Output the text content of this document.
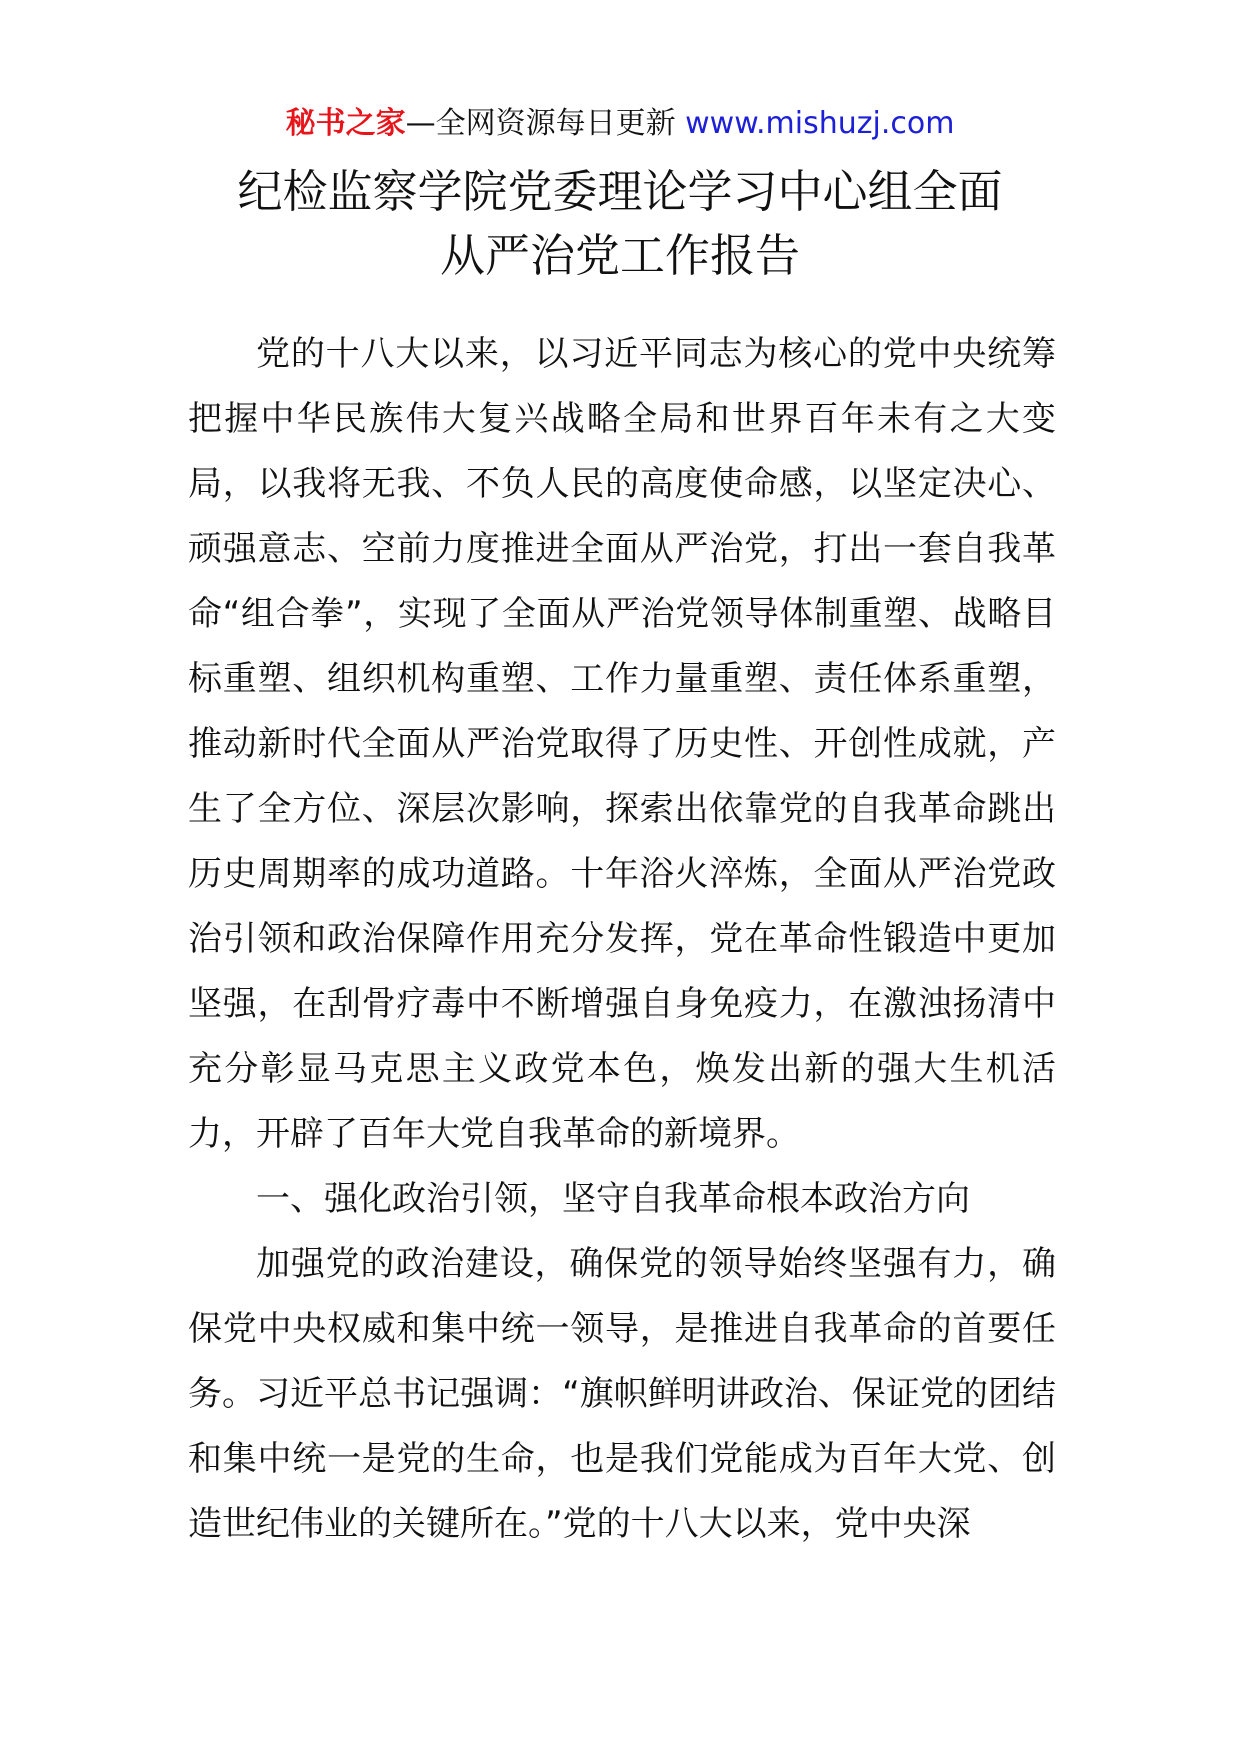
秘书之家—全网资源每日更新 www.mishuzj.com
纪检监察学院党委理论学习中心组全面
从严治党工作报告

党的十八大以来，以习近平同志为核心的党中央统筹把握中华民族伟大复兴战略全局和世界百年未有之大变局，以我将无我、不负人民的高度使命感，以坚定决心、顽强意志、空前力度推进全面从严治党，打出一套自我革命“组合拳”，实现了全面从严治党领导体制重塑、战略目标重塑、组织机构重塑、工作力量重塑、责任体系重塑，推动新时代全面从严治党取得了历史性、开创性成就，产生了全方位、深层次影响，探索出依靠党的自我革命跳出历史周期率的成功道路。十年浴火淬炼，全面从严治党政治引领和政治保障作用充分发挥，党在革命性锻造中更加坚强，在刮骨疗毒中不断增强自身免疫力，在激浊扬清中充分彰显马克思主义政党本色，焕发出新的强大生机活力，开辟了百年大党自我革命的新境界。

一、强化政治引领，坚守自我革命根本政治方向

加强党的政治建设，确保党的领导始终坚强有力，确保党中央权威和集中统一领导，是推进自我革命的首要任务。习近平总书记强调：“旗帜鲜明讲政治、保证党的团结和集中统一是党的生命，也是我们党能成为百年大党、创造世纪伟业的关键所在。”党的十八大以来，党中央深
